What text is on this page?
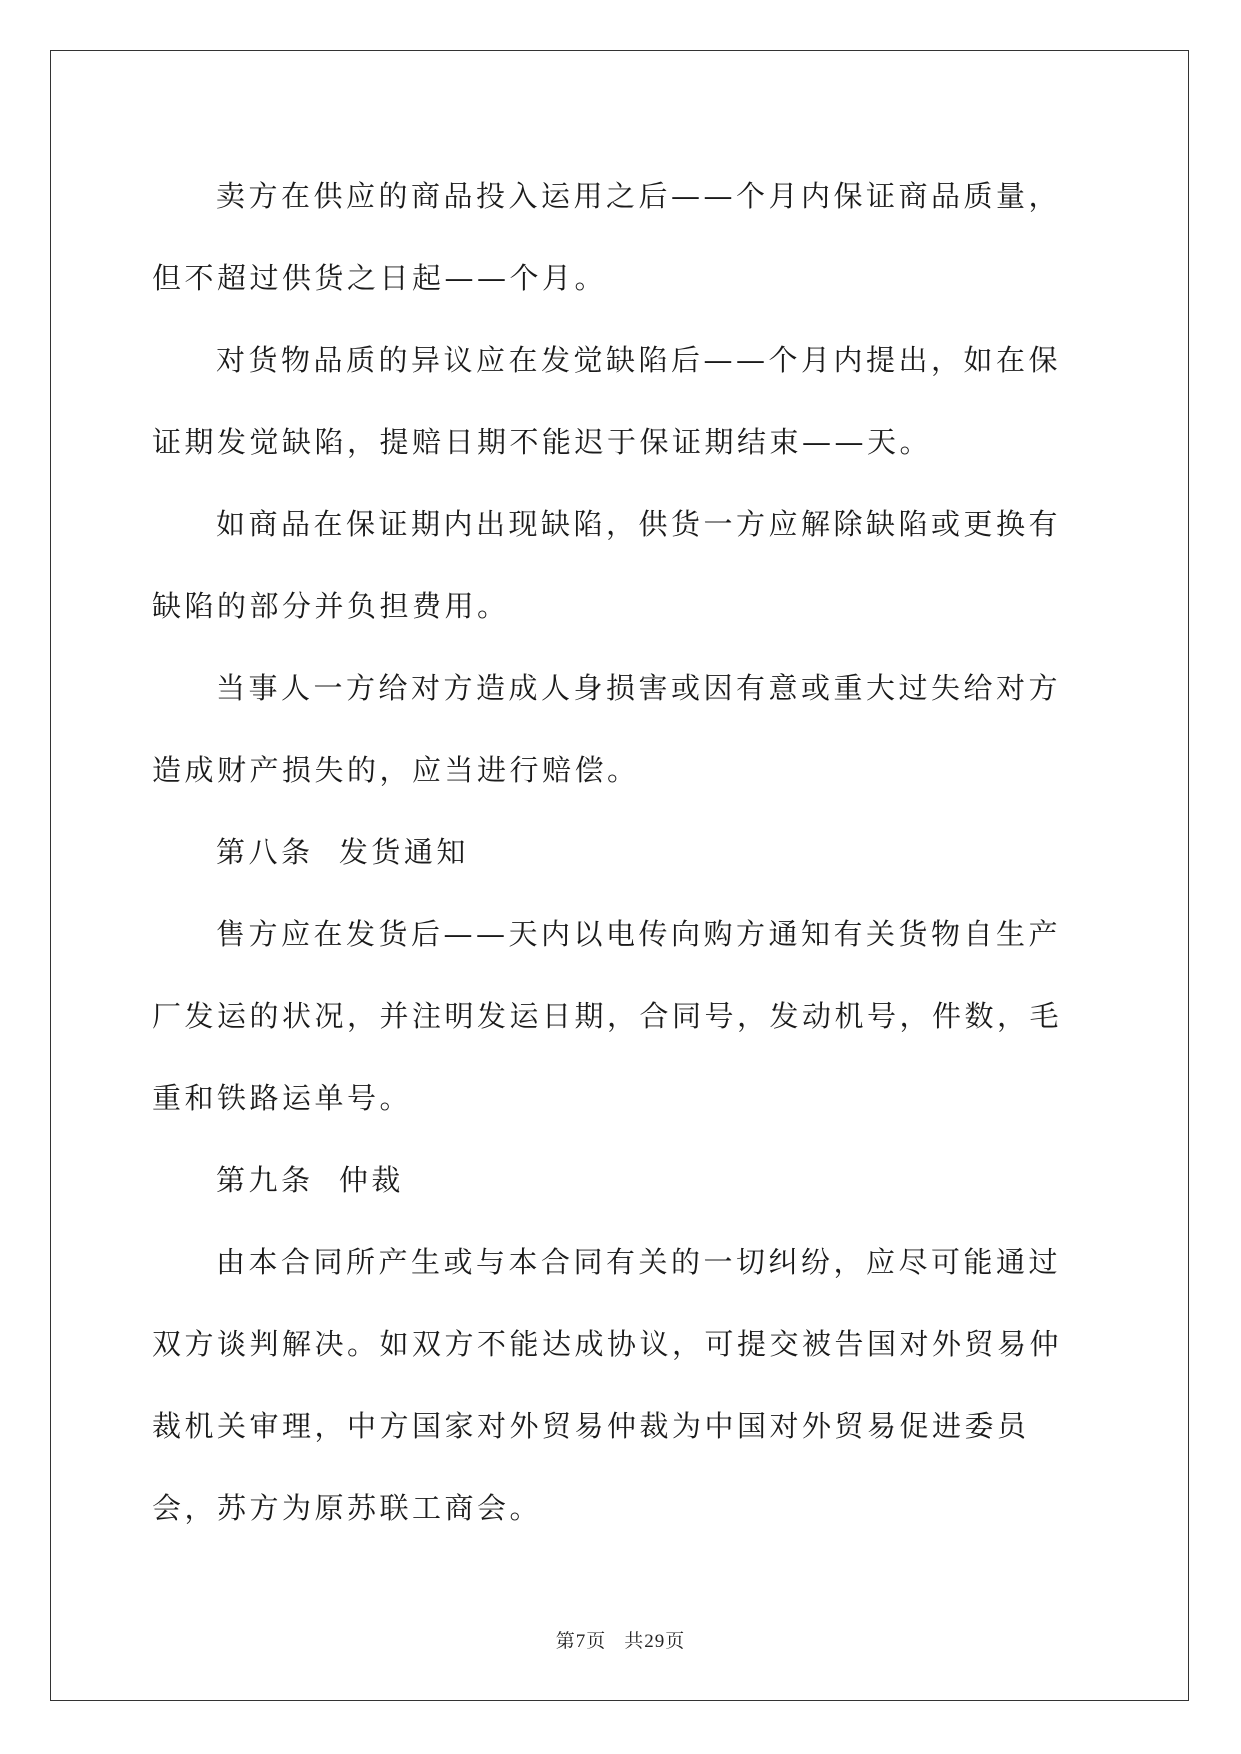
卖方在供应的商品投入运用之后——个月内保证商品质量，但不超过供货之日起——个月。

对货物品质的异议应在发觉缺陷后——个月内提出，如在保证期发觉缺陷，提赔日期不能迟于保证期结束——天。

如商品在保证期内出现缺陷，供货一方应解除缺陷或更换有缺陷的部分并负担费用。

当事人一方给对方造成人身损害或因有意或重大过失给对方造成财产损失的，应当进行赔偿。

第八条  发货通知

售方应在发货后——天内以电传向购方通知有关货物自生产厂发运的状况，并注明发运日期，合同号，发动机号，件数，毛重和铁路运单号。

第九条  仲裁

由本合同所产生或与本合同有关的一切纠纷，应尽可能通过双方谈判解决。如双方不能达成协议，可提交被告国对外贸易仲裁机关审理，中方国家对外贸易仲裁为中国对外贸易促进委员会，苏方为原苏联工商会。

第7页 共29页
